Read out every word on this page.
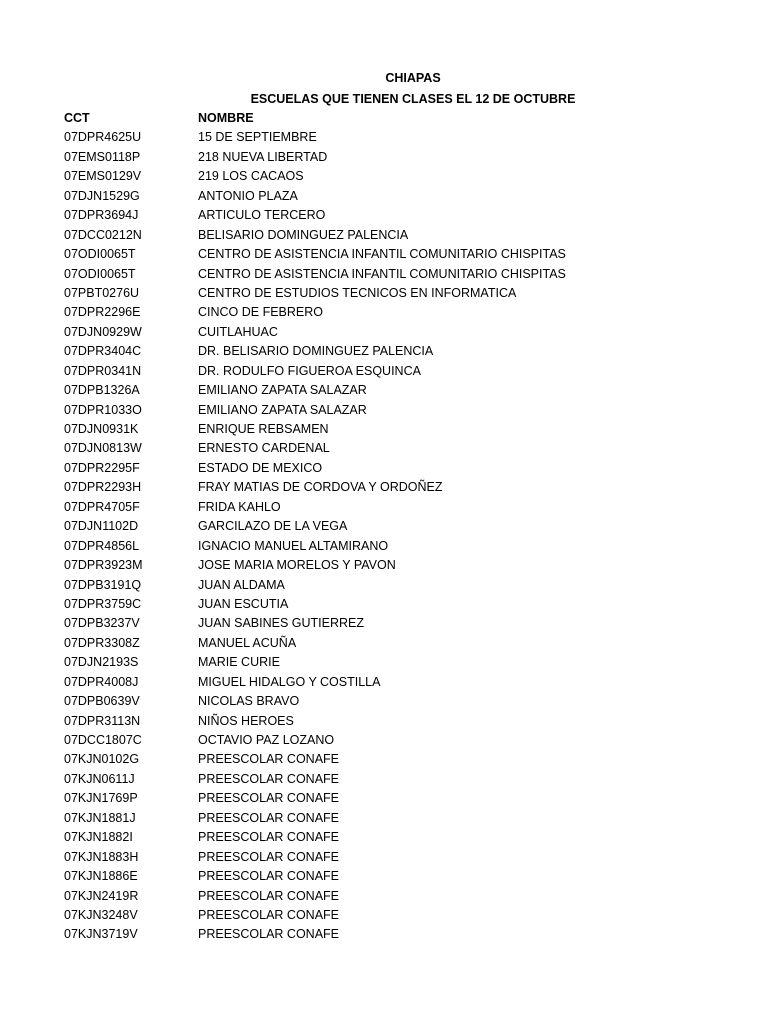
CHIAPAS
ESCUELAS QUE TIENEN CLASES EL 12 DE OCTUBRE
CCT	NOMBRE
07DPR4625U	15 DE SEPTIEMBRE
07EMS0118P	218 NUEVA LIBERTAD
07EMS0129V	219 LOS CACAOS
07DJN1529G	ANTONIO PLAZA
07DPR3694J	ARTICULO TERCERO
07DCC0212N	BELISARIO DOMINGUEZ PALENCIA
07ODI0065T	CENTRO DE ASISTENCIA INFANTIL COMUNITARIO CHISPITAS
07ODI0065T	CENTRO DE ASISTENCIA INFANTIL COMUNITARIO CHISPITAS
07PBT0276U	CENTRO DE ESTUDIOS TECNICOS EN INFORMATICA
07DPR2296E	CINCO DE FEBRERO
07DJN0929W	CUITLAHUAC
07DPR3404C	DR. BELISARIO DOMINGUEZ PALENCIA
07DPR0341N	DR. RODULFO FIGUEROA ESQUINCA
07DPB1326A	EMILIANO ZAPATA SALAZAR
07DPR1033O	EMILIANO ZAPATA SALAZAR
07DJN0931K	ENRIQUE REBSAMEN
07DJN0813W	ERNESTO CARDENAL
07DPR2295F	ESTADO DE MEXICO
07DPR2293H	FRAY MATIAS DE CORDOVA Y ORDOÑEZ
07DPR4705F	FRIDA KAHLO
07DJN1102D	GARCILAZO DE LA VEGA
07DPR4856L	IGNACIO MANUEL ALTAMIRANO
07DPR3923M	JOSE MARIA MORELOS Y PAVON
07DPB3191Q	JUAN ALDAMA
07DPR3759C	JUAN ESCUTIA
07DPB3237V	JUAN SABINES GUTIERREZ
07DPR3308Z	MANUEL ACUÑA
07DJN2193S	MARIE CURIE
07DPR4008J	MIGUEL HIDALGO Y COSTILLA
07DPB0639V	NICOLAS BRAVO
07DPR3113N	NIÑOS HEROES
07DCC1807C	OCTAVIO PAZ LOZANO
07KJN0102G	PREESCOLAR CONAFE
07KJN0611J	PREESCOLAR CONAFE
07KJN1769P	PREESCOLAR CONAFE
07KJN1881J	PREESCOLAR CONAFE
07KJN1882I	PREESCOLAR CONAFE
07KJN1883H	PREESCOLAR CONAFE
07KJN1886E	PREESCOLAR CONAFE
07KJN2419R	PREESCOLAR CONAFE
07KJN3248V	PREESCOLAR CONAFE
07KJN3719V	PREESCOLAR CONAFE
